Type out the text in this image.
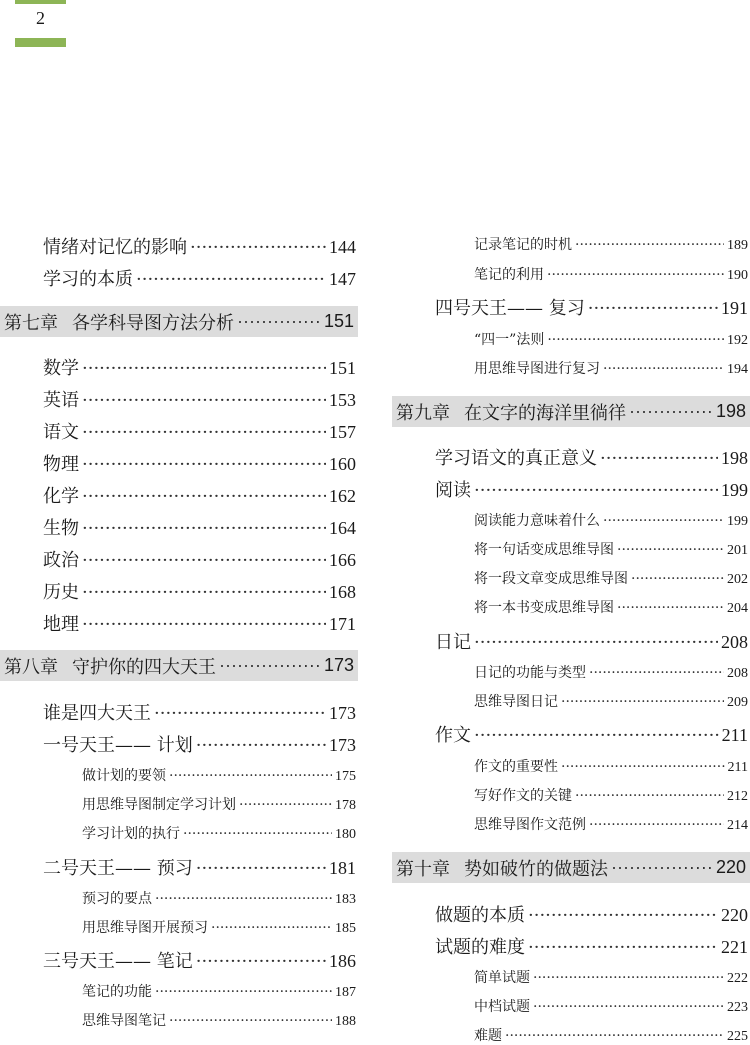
2
情绪对记忆的影响 ·····	144
学习的本质 ·····	147
第七章 各学科导图方法分析 ·····	151
数学 ·····	151
英语 ·····	153
语文 ·····	157
物理 ·····	160
化学 ·····	162
生物 ·····	164
政治 ·····	166
历史 ·····	168
地理 ·····	171
第八章 守护你的四大天王 ·····	173
谁是四大天王 ·····	173
一号天王—— 计划 ·····	173
做计划的要领 ·····	175
用思维导图制定学习计划 ·····	178
学习计划的执行 ·····	180
二号天王—— 预习 ·····	181
预习的要点 ·····	183
用思维导图开展预习 ·····	185
三号天王—— 笔记 ·····	186
笔记的功能 ·····	187
思维导图笔记 ·····	188
记录笔记的时机 ·····	189
笔记的利用 ·····	190
四号天王—— 复习 ·····	191
“四一”法则 ·····	192
用思维导图进行复习 ·····	194
第九章 在文字的海洋里徜徉 ·····	198
学习语文的真正意义 ·····	198
阅读 ·····	199
阅读能力意味着什么 ·····	199
将一句话变成思维导图 ·····	201
将一段文章变成思维导图 ·····	202
将一本书变成思维导图 ·····	204
日记 ·····	208
日记的功能与类型 ·····	208
思维导图日记 ·····	209
作文 ·····	211
作文的重要性 ·····	211
写好作文的关键 ·····	212
思维导图作文范例 ·····	214
第十章 势如破竹的做题法 ·····	220
做题的本质 ·····	220
试题的难度 ·····	221
简单试题 ·····	222
中档试题 ·····	223
难题 ·····	225
